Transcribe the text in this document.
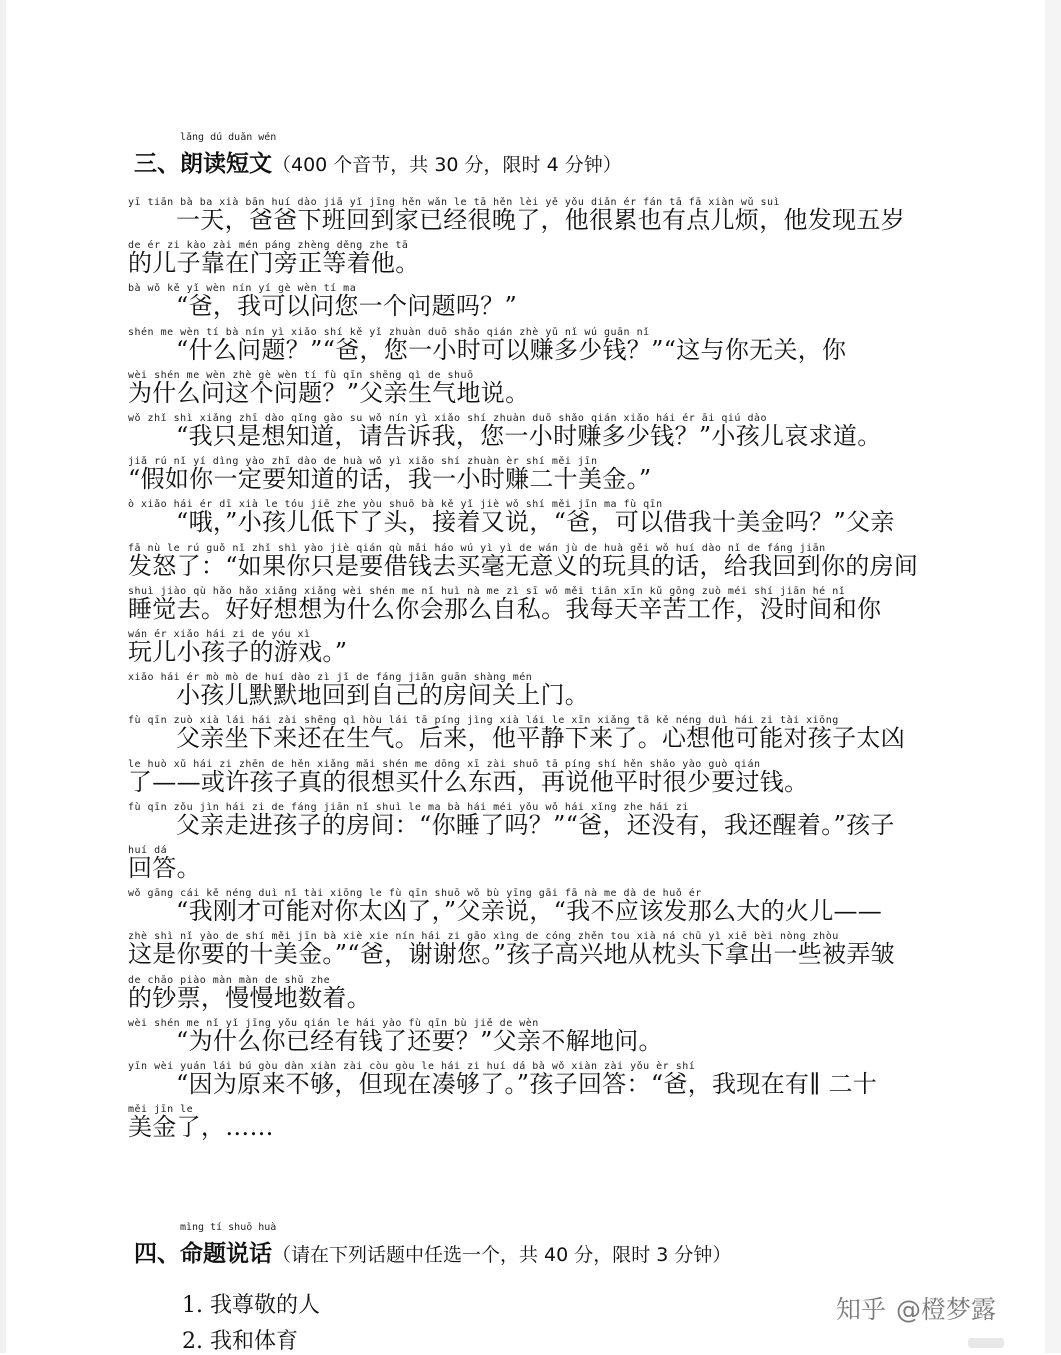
lǎng dú duǎn wén
三、朗读短文（400 个音节，共 30 分，限时 4 分钟）
yī tiān bà ba xià bān huí dào jiā yǐ jīng hěn wǎn le tā hěn lèi yě yǒu diǎn ér fán tā fā xiàn wǔ suì
一天，爸爸下班回到家已经很晚了，他很累也有点儿烦，他发现五岁
de ér zi kào zài mén páng zhèng děng zhe tā
的儿子靠在门旁正等着他。
bà wǒ kě yǐ wèn nín yí gè wèn tí ma
“爸，我可以问您一个问题吗？”
shén me wèn tí bà nín yì xiǎo shí kě yǐ zhuàn duō shǎo qián zhè yǔ nǐ wú guān nǐ
“什么问题？”“爸，您一小时可以赚多少钱？”“这与你无关，你
wèi shén me wèn zhè gè wèn tí fù qīn shēng qì de shuō
为什么问这个问题？”父亲生气地说。
wǒ zhǐ shì xiǎng zhī dào qǐng gào su wǒ nín yì xiǎo shí zhuàn duō shǎo qián xiǎo hái ér āi qiú dào
“我只是想知道，请告诉我，您一小时赚多少钱？”小孩儿哀求道。
jiǎ rú nǐ yí dìng yào zhī dào de huà wǒ yì xiǎo shí zhuàn èr shí měi jīn
“假如你一定要知道的话，我一小时赚二十美金。”
ò xiǎo hái ér dī xià le tóu jiē zhe yòu shuō bà kě yǐ jiè wǒ shí měi jīn ma fù qīn
“哦，”小孩儿低下了头，接着又说，“爸，可以借我十美金吗？”父亲
fā nù le rú guǒ nǐ zhǐ shì yào jiè qián qù mǎi háo wú yì yì de wán jù de huà gěi wǒ huí dào nǐ de fáng jiān
发怒了：“如果你只是要借钱去买毫无意义的玩具的话，给我回到你的房间
shuì jiào qù hǎo hǎo xiǎng xiǎng wèi shén me nǐ huì nà me zì sī wǒ měi tiān xīn kǔ gōng zuò méi shí jiān hé nǐ
睡觉去。好好想想为什么你会那么自私。我每天辛苦工作，没时间和你
wán ér xiǎo hái zi de yóu xì
玩儿小孩子的游戏。”
xiǎo hái ér mò mò de huí dào zì jǐ de fáng jiān guān shàng mén
小孩儿默默地回到自己的房间关上门。
fù qīn zuò xià lái hái zài shēng qì hòu lái tā píng jìng xià lái le xīn xiǎng tā kě néng duì hái zi tài xiōng
父亲坐下来还在生气。后来，他平静下来了。心想他可能对孩子太凶
le huò xǔ hái zi zhēn de hěn xiǎng mǎi shén me dōng xī zài shuō tā píng shí hěn shǎo yào guò qián
了——或许孩子真的很想买什么东西，再说他平时很少要过钱。
fù qīn zǒu jìn hái zi de fáng jiān nǐ shuì le ma bà hái méi yǒu wǒ hái xǐng zhe hái zi
父亲走进孩子的房间：“你睡了吗？”“爸，还没有，我还醒着。”孩子
huí dá
回答。
wǒ gāng cái kě néng duì nǐ tài xiōng le fù qīn shuō wǒ bù yīng gāi fā nà me dà de huǒ ér
“我刚才可能对你太凶了，”父亲说，“我不应该发那么大的火儿——
zhè shì nǐ yào de shí měi jīn bà xiè xie nín hái zi gāo xìng de cóng zhěn tou xià ná chū yì xiē bèi nòng zhòu
这是你要的十美金。”“爸，谢谢您。”孩子高兴地从枕头下拿出一些被弄皱
de chāo piào màn màn de shǔ zhe
的钞票，慢慢地数着。
wèi shén me nǐ yǐ jīng yǒu qián le hái yào fù qīn bù jiě de wèn
“为什么你已经有钱了还要？”父亲不解地问。
yīn wèi yuán lái bú gòu dàn xiàn zài còu gòu le hái zi huí dá bà wǒ xiàn zài yǒu èr shí
“因为原来不够，但现在凑够了。”孩子回答：“爸，我现在有∥ 二十
měi jīn le
美金了，……
mìng tí shuō huà
四、命题说话（请在下列话题中任选一个，共 40 分，限时 3 分钟）
1. 我尊敬的人
2. 我和体育
知乎 @橙梦露
